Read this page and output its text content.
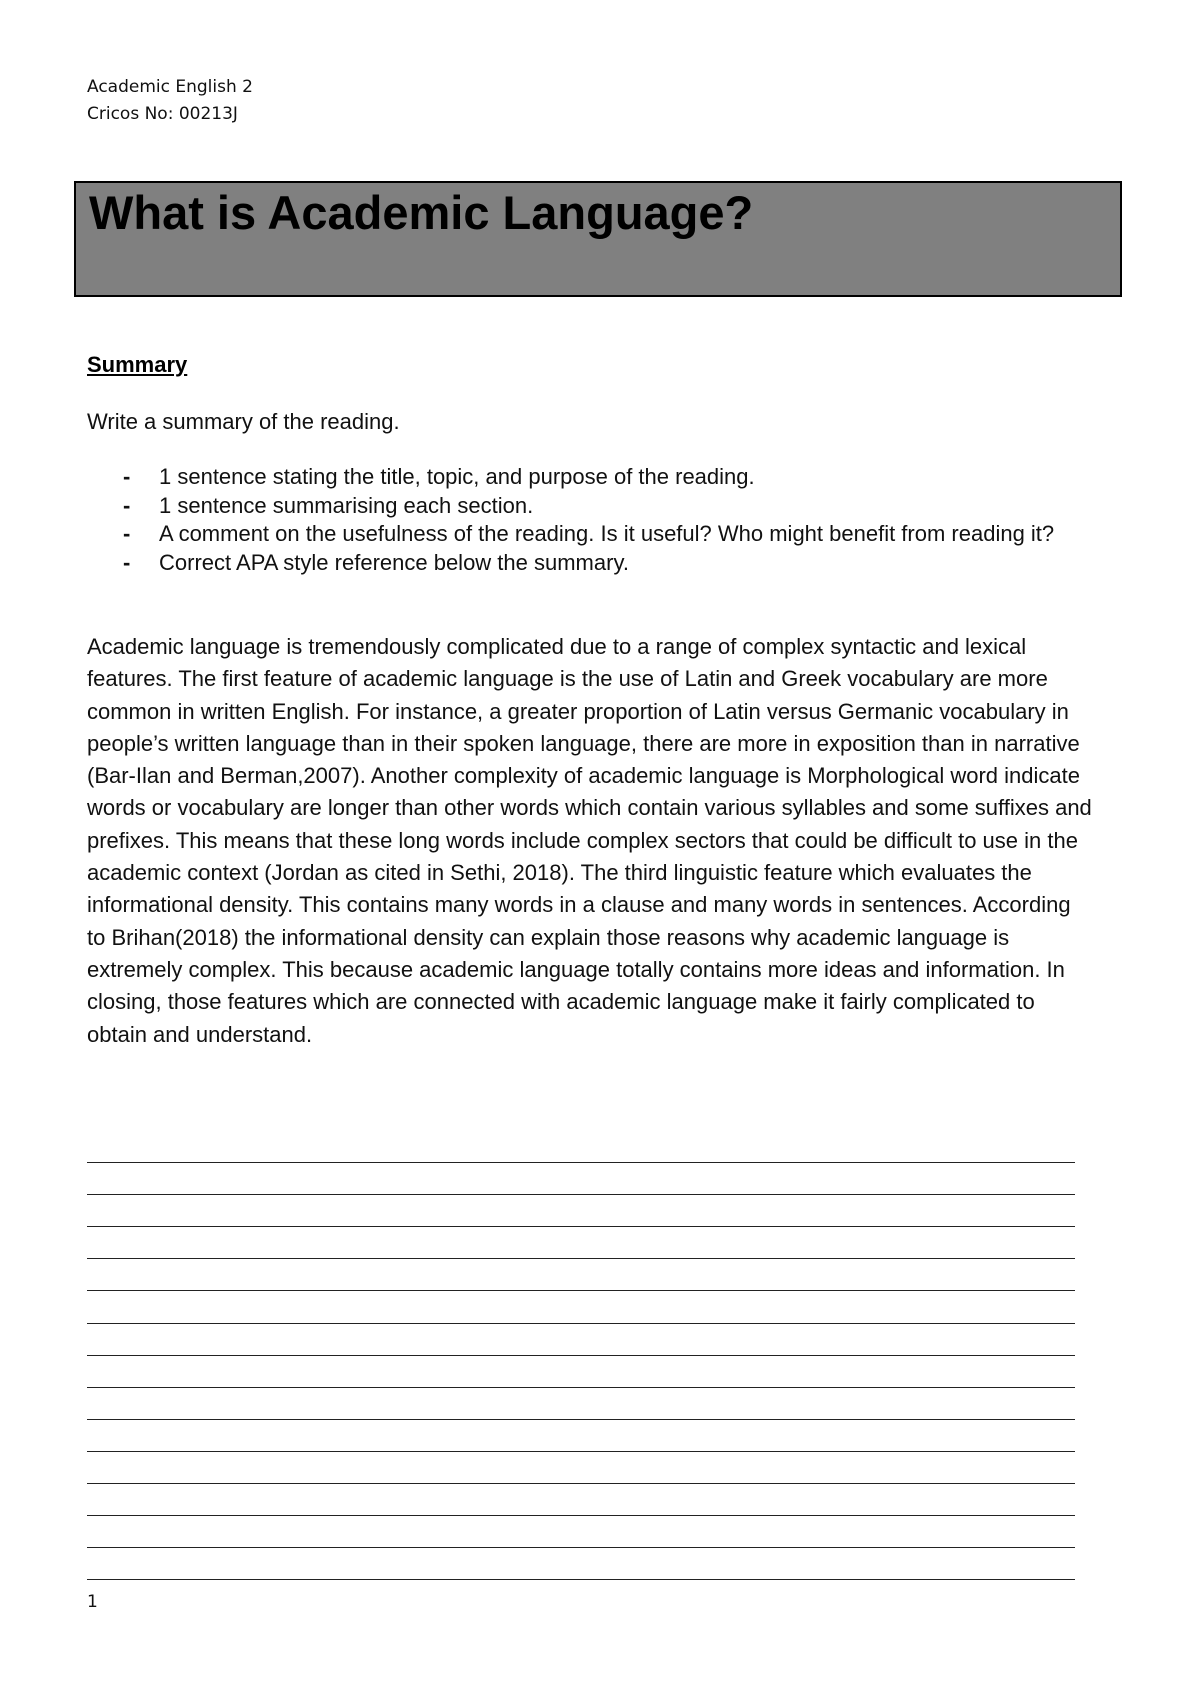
Academic English 2
Cricos No: 00213J
What is Academic Language?
Summary
Write a summary of the reading.
- 1 sentence stating the title, topic, and purpose of the reading.
- 1 sentence summarising each section.
- A comment on the usefulness of the reading. Is it useful? Who might benefit from reading it?
- Correct APA style reference below the summary.

Academic language is tremendously complicated due to a range of complex syntactic and lexical features. The first feature of academic language is the use of Latin and Greek vocabulary are more common in written English. For instance, a greater proportion of Latin versus Germanic vocabulary in people’s written language than in their spoken language, there are more in exposition than in narrative (Bar-Ilan and Berman,2007). Another complexity of academic language is Morphological word indicate words or vocabulary are longer than other words which contain various syllables and some suffixes and prefixes. This means that these long words include complex sectors that could be difficult to use in the academic context (Jordan as cited in Sethi, 2018). The third linguistic feature which evaluates the informational density. This contains many words in a clause and many words in sentences. According to Brihan(2018) the informational density can explain those reasons why academic language is extremely complex. This because academic language totally contains more ideas and information. In closing, those features which are connected with academic language make it fairly complicated to obtain and understand.

1
